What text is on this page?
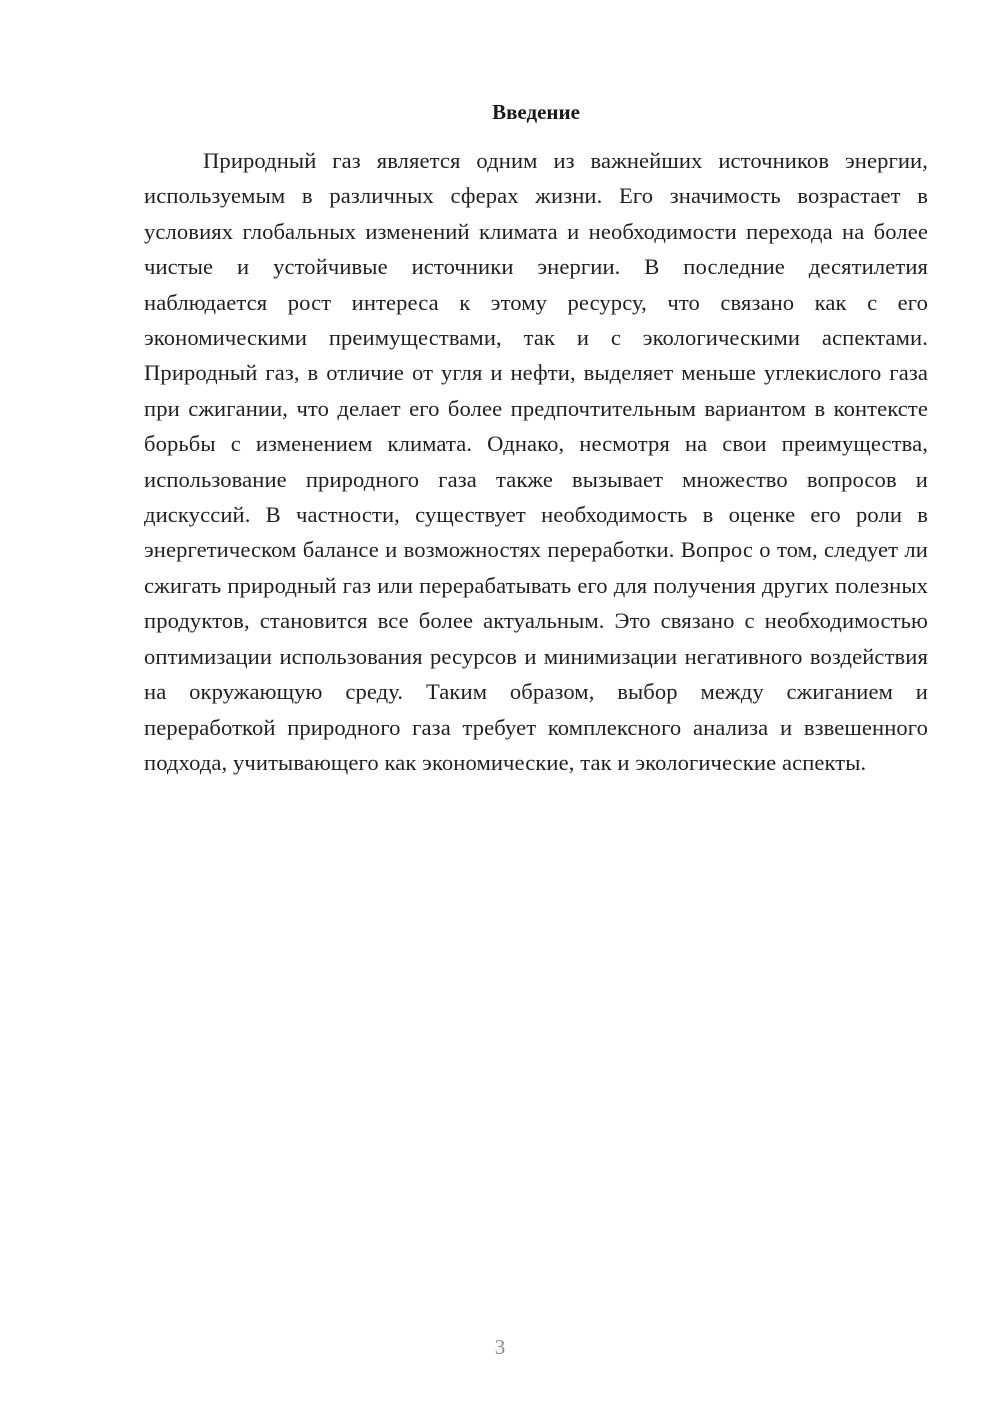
Введение

Природный газ является одним из важнейших источников энергии, используемым в различных сферах жизни. Его значимость возрастает в условиях глобальных изменений климата и необходимости перехода на более чистые и устойчивые источники энергии. В последние десятилетия наблюдается рост интереса к этому ресурсу, что связано как с его экономическими преимуществами, так и с экологическими аспектами. Природный газ, в отличие от угля и нефти, выделяет меньше углекислого газа при сжигании, что делает его более предпочтительным вариантом в контексте борьбы с изменением климата. Однако, несмотря на свои преимущества, использование природного газа также вызывает множество вопросов и дискуссий. В частности, существует необходимость в оценке его роли в энергетическом балансе и возможностях переработки. Вопрос о том, следует ли сжигать природный газ или перерабатывать его для получения других полезных продуктов, становится все более актуальным. Это связано с необходимостью оптимизации использования ресурсов и минимизации негативного воздействия на окружающую среду. Таким образом, выбор между сжиганием и переработкой природного газа требует комплексного анализа и взвешенного подхода, учитывающего как экономические, так и экологические аспекты.

3
